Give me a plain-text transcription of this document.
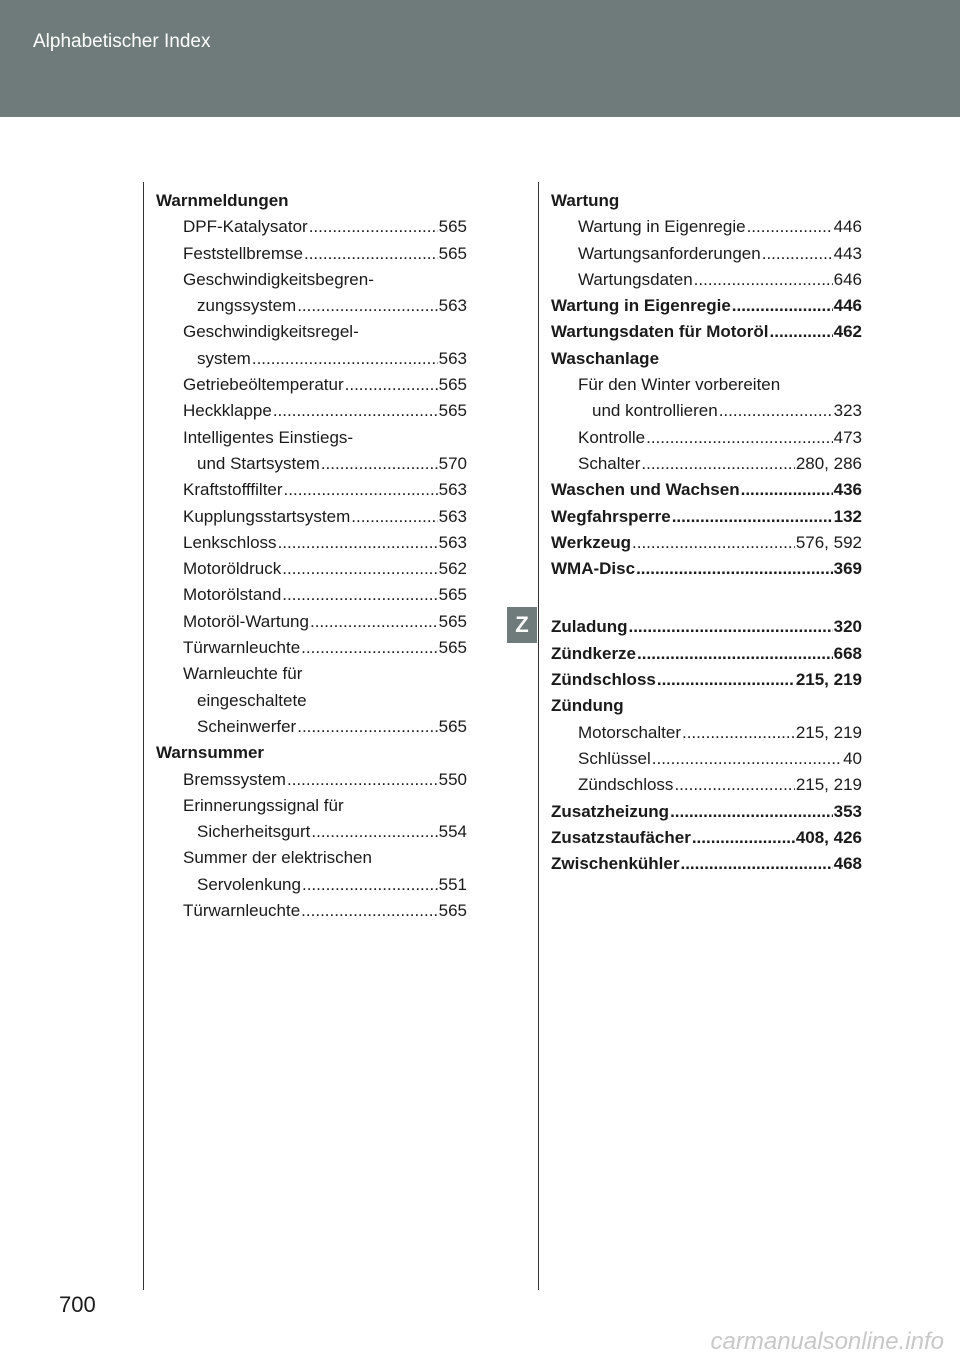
Alphabetischer Index
Warnmeldungen
DPF-Katalysator .....	565
Feststellbremse .....	565
Geschwindigkeitsbegren-
zungssystem .....	563
Geschwindigkeitsregel-
system .....	563
Getriebeöltemperatur .....	565
Heckklappe .....	565
Intelligentes Einstiegs-
und Startsystem .....	570
Kraftstofffilter .....	563
Kupplungsstartsystem .....	563
Lenkschloss .....	563
Motoröldruck .....	562
Motorölstand .....	565
Motoröl-Wartung .....	565
Türwarnleuchte .....	565
Warnleuchte für
eingeschaltete
Scheinwerfer .....	565
Warnsummer
Bremssystem .....	550
Erinnerungssignal für
Sicherheitsgurt .....	554
Summer der elektrischen
Servolenkung .....	551
Türwarnleuchte .....	565
Wartung
Wartung in Eigenregie .....	446
Wartungsanforderungen .....	443
Wartungsdaten .....	646
Wartung in Eigenregie .....	446
Wartungsdaten für Motoröl .....	462
Waschanlage
Für den Winter vorbereiten
und kontrollieren .....	323
Kontrolle .....	473
Schalter .....	280, 286
Waschen und Wachsen .....	436
Wegfahrsperre .....	132
Werkzeug .....	576, 592
WMA-Disc .....	369
Zuladung .....	320
Zündkerze .....	668
Zündschloss .....	215, 219
Zündung
Motorschalter .....	215, 219
Schlüssel .....	40
Zündschloss .....	215, 219
Zusatzheizung .....	353
Zusatzstaufächer .....	408, 426
Zwischenkühler .....	468
Z
700
carmanualsonline.info
